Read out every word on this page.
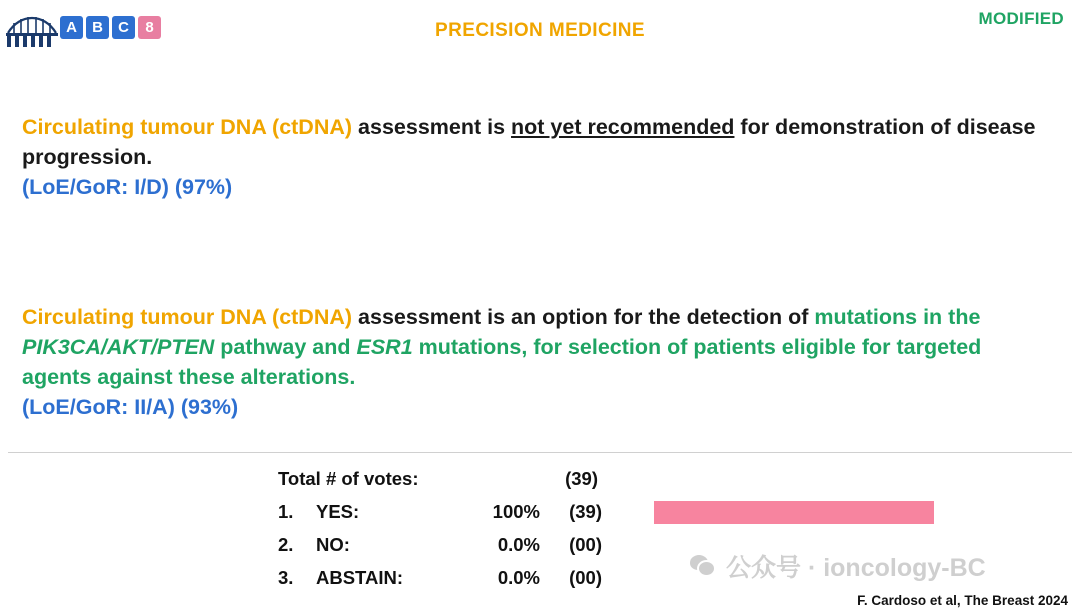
A	B	C	8	PRECISION MEDICINE
MODIFIED
Circulating tumour DNA (ctDNA) assessment is not yet recommended for demonstration of disease progression.
(LoE/GoR: I/D) (97%)
Circulating tumour DNA (ctDNA) assessment is an option for the detection of mutations in the PIK3CA/AKT/PTEN pathway and ESR1 mutations, for selection of patients eligible for targeted agents against these alterations.
(LoE/GoR: II/A) (93%)
Total # of votes:	(39)
1.	YES:	100%	(39)
2.	NO:	0.0%	(00)
3.	ABSTAIN:	0.0%	(00)	公众号 · ioncology-BC
F. Cardoso et al, The Breast 2024
